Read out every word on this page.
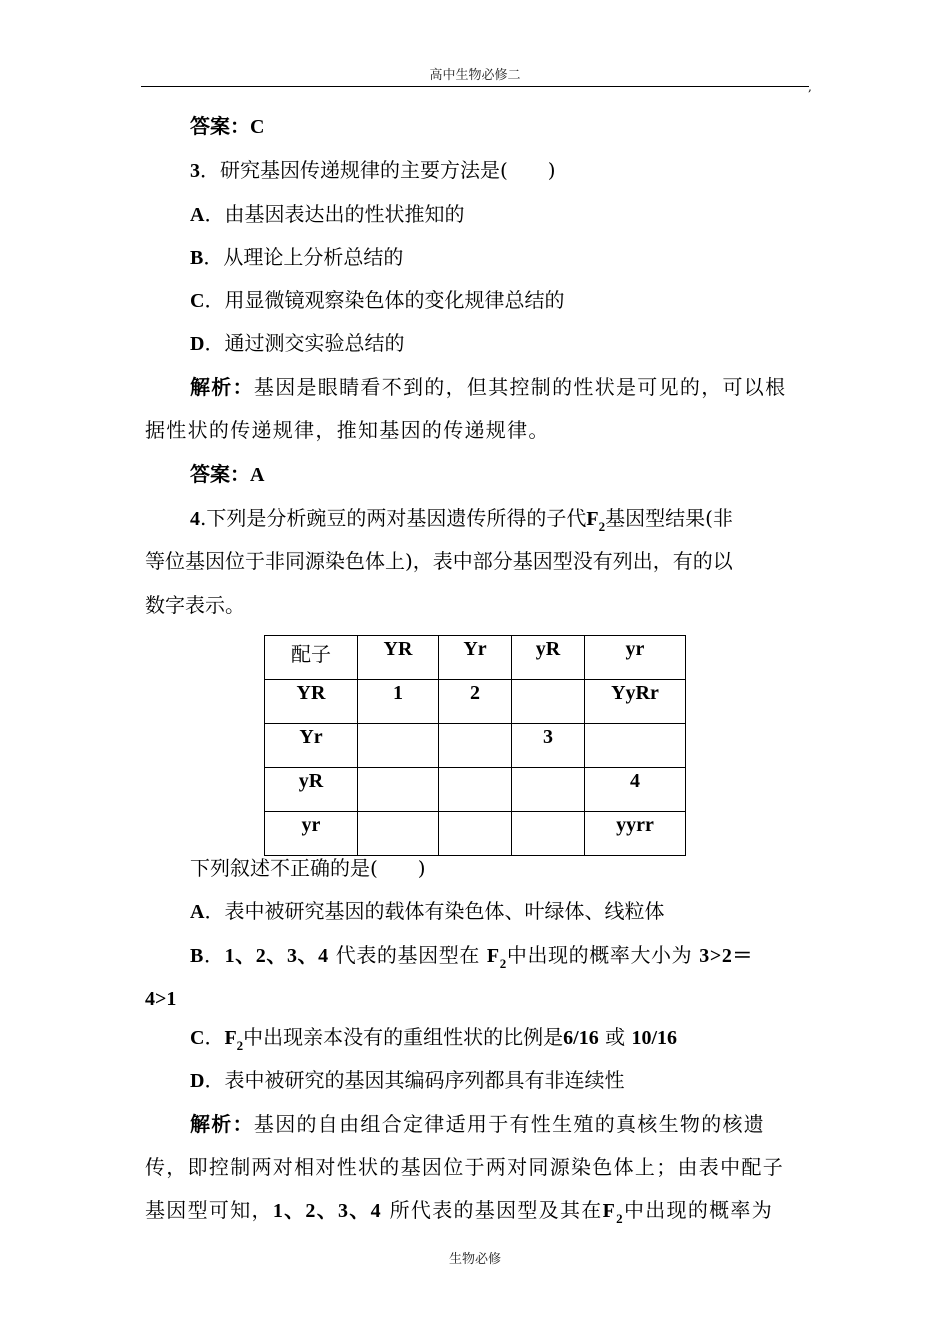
高中生物必修二
,
答案：C
3．研究基因传递规律的主要方法是(　　)
A．由基因表达出的性状推知的
B．从理论上分析总结的
C．用显微镜观察染色体的变化规律总结的
D．通过测交实验总结的
解析：基因是眼睛看不到的，但其控制的性状是可见的，可以根
据性状的传递规律，推知基因的传递规律。
答案：A
4.下列是分析豌豆的两对基因遗传所得的子代$F_2$基因型结果(非
等位基因位于非同源染色体上)，表中部分基因型没有列出，有的以
数字表示。
配子	YR	Yr	yR	yr
YR	1	2		YyRr
Yr			3	
yR				4
yr				yyrr
下列叙述不正确的是(　　)
A．表中被研究基因的载体有染色体、叶绿体、线粒体
B．1、2、3、4 代表的基因型在 $F_2$中出现的概率大小为 3>2＝
4>1
C．$F_2$中出现亲本没有的重组性状的比例是6/16 或 10/16
D．表中被研究的基因其编码序列都具有非连续性
解析：基因的自由组合定律适用于有性生殖的真核生物的核遗
传，即控制两对相对性状的基因位于两对同源染色体上；由表中配子
基因型可知，1、2、3、4 所代表的基因型及其在$F_2$中出现的概率为
生物必修
